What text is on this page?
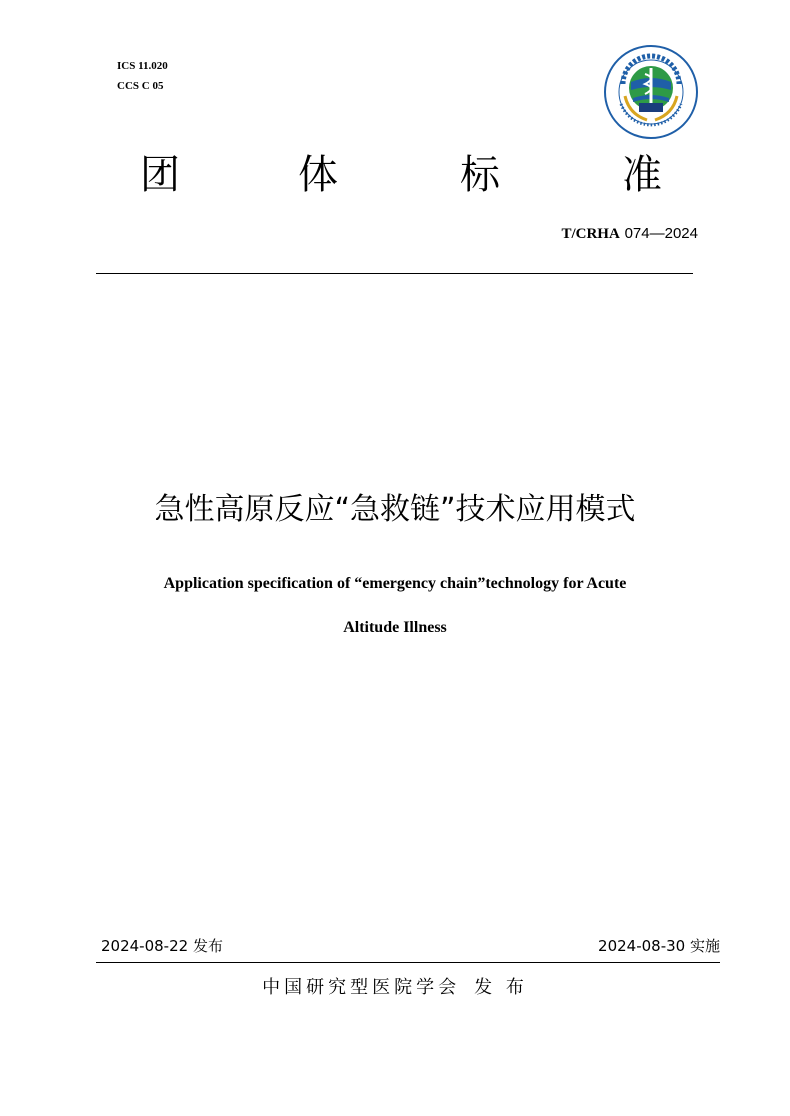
ICS 11.020
CCS C 05
团	体	标	准
T/CRHA 074—2024
急性高原反应“急救链”技术应用模式
Application specification of “emergency chain”technology for Acute
Altitude Illness
2024-08-22 发布	2024-08-30 实施
中国研究型医院学会 发 布
